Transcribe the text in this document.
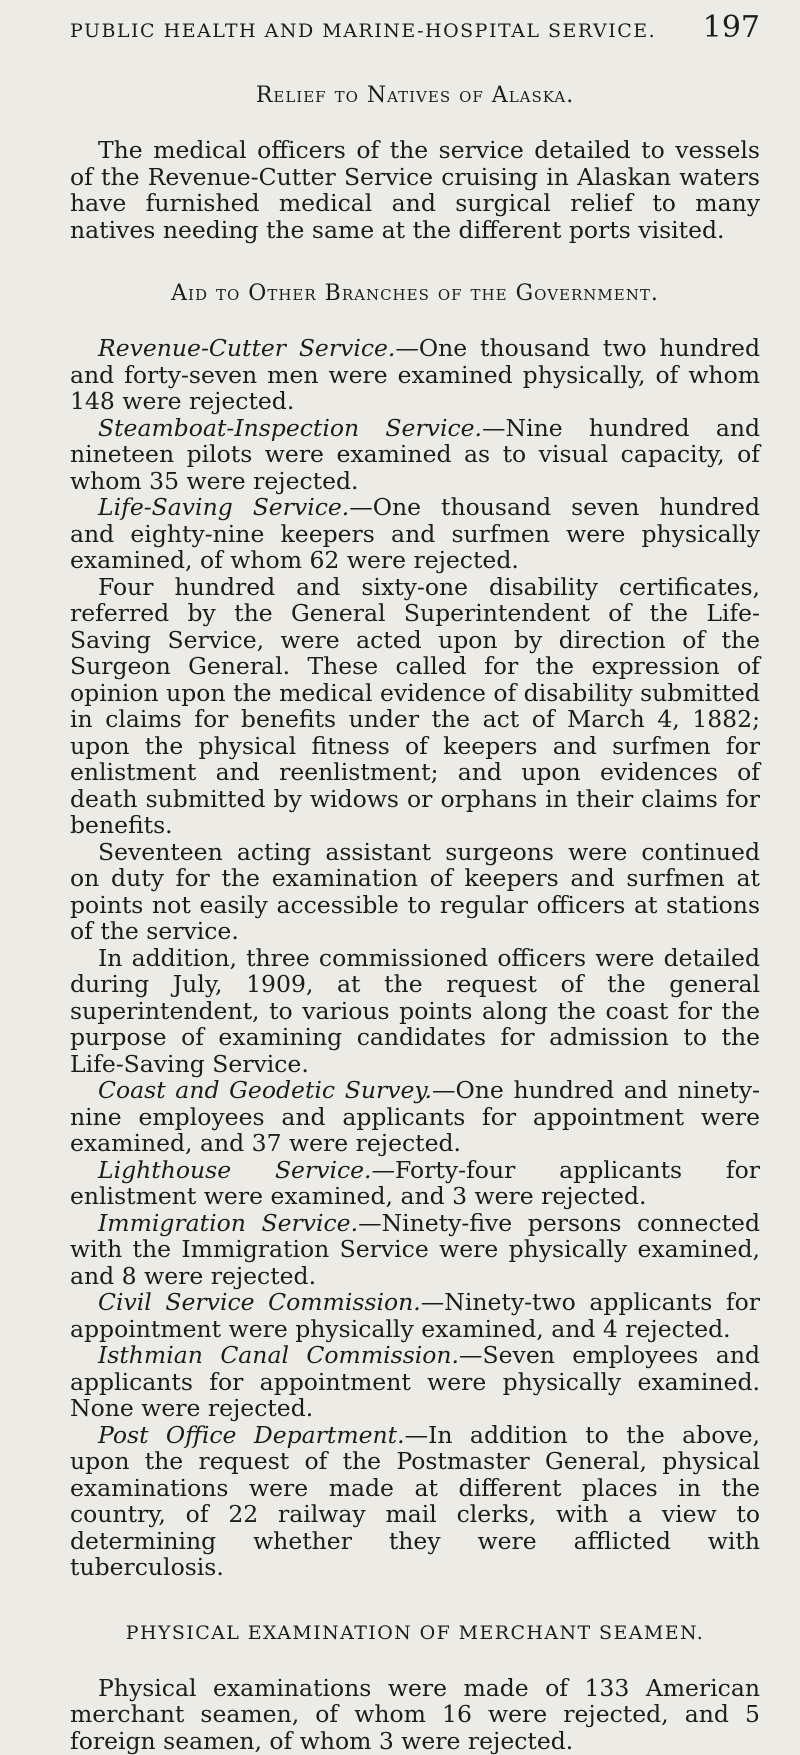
PUBLIC HEALTH AND MARINE-HOSPITAL SERVICE. 197
Relief to Natives of Alaska.

The medical officers of the service detailed to vessels of the Revenue-Cutter Service cruising in Alaskan waters have furnished medical and surgical relief to many natives needing the same at the different ports visited.

Aid to Other Branches of the Government.

Revenue-Cutter Service.—One thousand two hundred and forty-seven men were examined physically, of whom 148 were rejected.

Steamboat-Inspection Service.—Nine hundred and nineteen pilots were examined as to visual capacity, of whom 35 were rejected.

Life-Saving Service.—One thousand seven hundred and eighty-nine keepers and surfmen were physically examined, of whom 62 were rejected.

Four hundred and sixty-one disability certificates, referred by the General Superintendent of the Life-Saving Service, were acted upon by direction of the Surgeon General. These called for the expression of opinion upon the medical evidence of disability submitted in claims for benefits under the act of March 4, 1882; upon the physical fitness of keepers and surfmen for enlistment and reenlistment; and upon evidences of death submitted by widows or orphans in their claims for benefits.

Seventeen acting assistant surgeons were continued on duty for the examination of keepers and surfmen at points not easily accessible to regular officers at stations of the service.

In addition, three commissioned officers were detailed during July, 1909, at the request of the general superintendent, to various points along the coast for the purpose of examining candidates for admission to the Life-Saving Service.

Coast and Geodetic Survey.—One hundred and ninety-nine employees and applicants for appointment were examined, and 37 were rejected.

Lighthouse Service.—Forty-four applicants for enlistment were examined, and 3 were rejected.

Immigration Service.—Ninety-five persons connected with the Immigration Service were physically examined, and 8 were rejected.

Civil Service Commission.—Ninety-two applicants for appointment were physically examined, and 4 rejected.

Isthmian Canal Commission.—Seven employees and applicants for appointment were physically examined. None were rejected.

Post Office Department.—In addition to the above, upon the request of the Postmaster General, physical examinations were made at different places in the country, of 22 railway mail clerks, with a view to determining whether they were afflicted with tuberculosis.

PHYSICAL EXAMINATION OF MERCHANT SEAMEN.

Physical examinations were made of 133 American merchant seamen, of whom 16 were rejected, and 5 foreign seamen, of whom 3 were rejected.
